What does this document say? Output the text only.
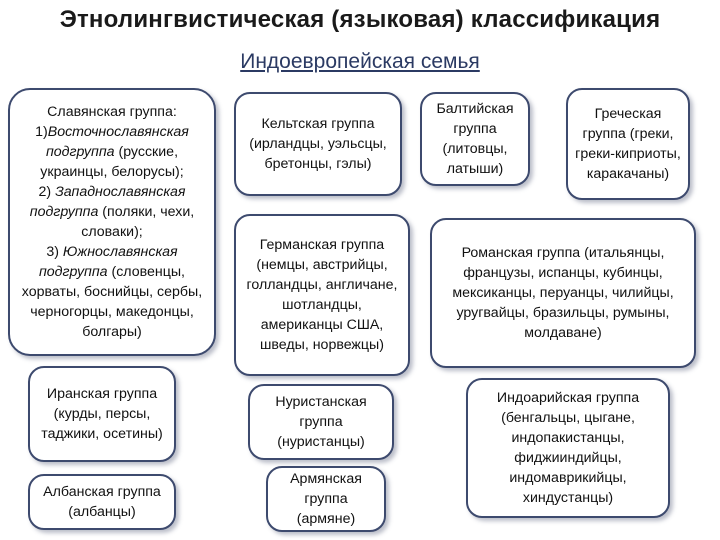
Этнолингвистическая (языковая) классификация
Индоевропейская семья
Славянская группа:
1)Восточнославянская подгруппа (русские, украинцы, белорусы);
2) Западнославянская подгруппа (поляки, чехи, словаки);
3) Южнославянская подгруппа (словенцы, хорваты, боснийцы, сербы, черногорцы, македонцы, болгары)
Кельтская группа
(ирландцы, уэльсцы, бретонцы, гэлы)
Балтийская группа
(литовцы, латыши)
Греческая группа (греки, греки-киприоты, каракачаны)
Германская группа
(немцы, австрийцы, голландцы, англичане, шотландцы, американцы США, шведы, норвежцы)
Романская группа (итальянцы, французы, испанцы, кубинцы, мексиканцы, перуанцы, чилийцы, уругвайцы, бразильцы, румыны, молдаване)
Иранская группа (курды, персы, таджики, осетины)
Нуристанская группа
(нуристанцы)
Индоарийская группа
(бенгальцы, цыгане, индопакистанцы, фиджииндийцы, индомаврикийцы, хиндустанцы)
Албанская группа (албанцы)
Армянская группа
(армяне)
